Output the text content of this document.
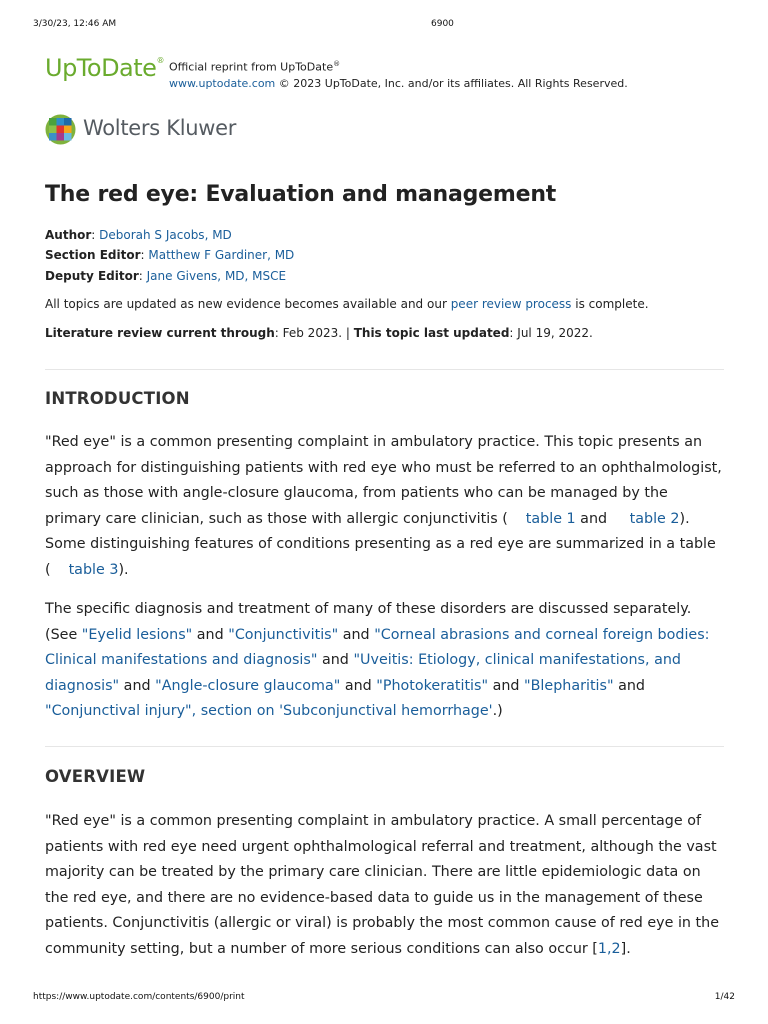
3/30/23, 12:46 AM	6900
UpToDate®
Official reprint from UpToDate®
www.uptodate.com © 2023 UpToDate, Inc. and/or its affiliates. All Rights Reserved.
Wolters Kluwer
The red eye: Evaluation and management
Author: Deborah S Jacobs, MD
Section Editor: Matthew F Gardiner, MD
Deputy Editor: Jane Givens, MD, MSCE
All topics are updated as new evidence becomes available and our peer review process is complete.
Literature review current through: Feb 2023. | This topic last updated: Jul 19, 2022.
INTRODUCTION

"Red eye" is a common presenting complaint in ambulatory practice. This topic presents an approach for distinguishing patients with red eye who must be referred to an ophthalmologist, such as those with angle-closure glaucoma, from patients who can be managed by the primary care clinician, such as those with allergic conjunctivitis ( table 1 and table 2). Some distinguishing features of conditions presenting as a red eye are summarized in a table ( table 3).

The specific diagnosis and treatment of many of these disorders are discussed separately. (See "Eyelid lesions" and "Conjunctivitis" and "Corneal abrasions and corneal foreign bodies: Clinical manifestations and diagnosis" and "Uveitis: Etiology, clinical manifestations, and diagnosis" and "Angle-closure glaucoma" and "Photokeratitis" and "Blepharitis" and "Conjunctival injury", section on 'Subconjunctival hemorrhage'.)

OVERVIEW

"Red eye" is a common presenting complaint in ambulatory practice. A small percentage of patients with red eye need urgent ophthalmological referral and treatment, although the vast majority can be treated by the primary care clinician. There are little epidemiologic data on the red eye, and there are no evidence-based data to guide us in the management of these patients. Conjunctivitis (allergic or viral) is probably the most common cause of red eye in the community setting, but a number of more serious conditions can also occur [1,2].

https://www.uptodate.com/contents/6900/print	1/42
